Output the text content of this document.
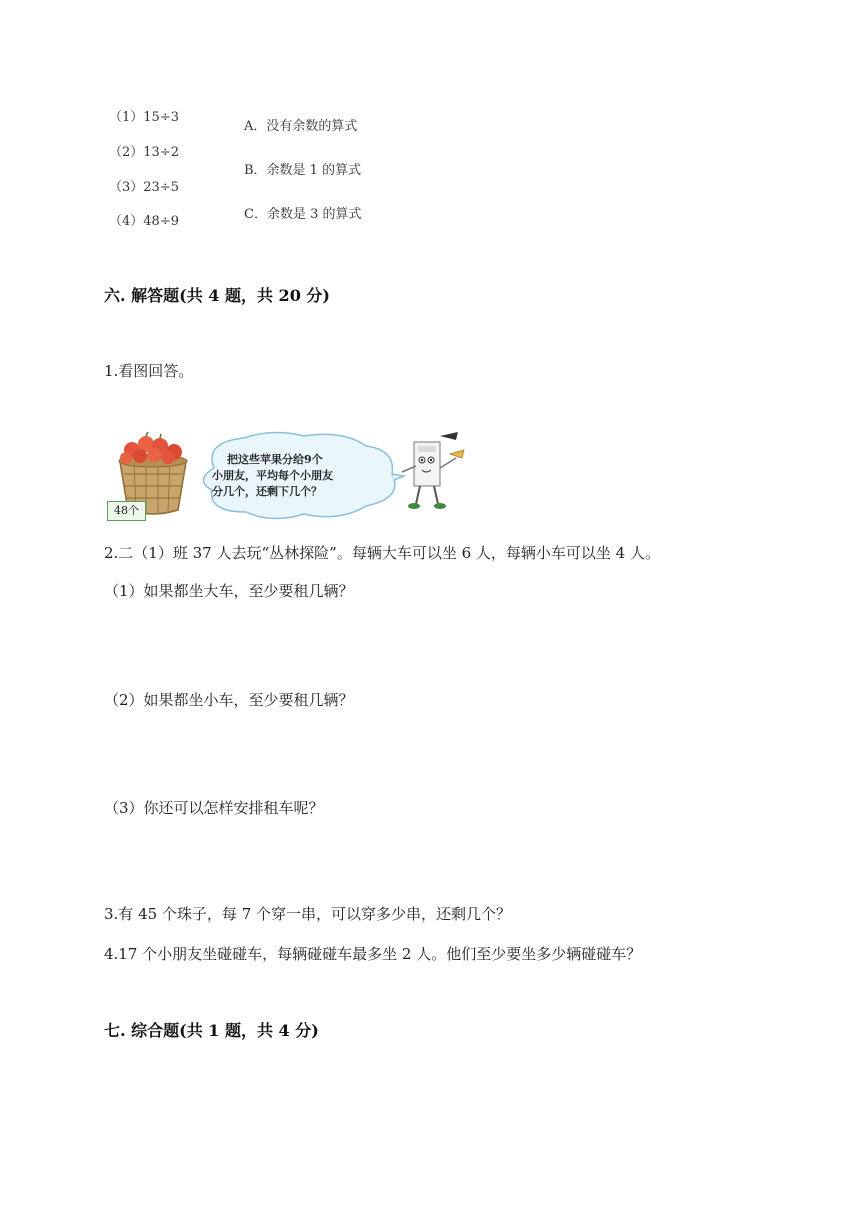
（1）15÷3
（2）13÷2
（3）23÷5
（4）48÷9
A．没有余数的算式
B．余数是 1 的算式
C．余数是 3 的算式
六. 解答题(共 4 题，共 20 分)
1.看图回答。
把这些苹果分给9个
小朋友，平均每个小朋友
分几个，还剩下几个？
48个
2.二（1）班 37 人去玩“丛林探险”。每辆大车可以坐 6 人，每辆小车可以坐 4 人。
（1）如果都坐大车，至少要租几辆？
（2）如果都坐小车，至少要租几辆？
（3）你还可以怎样安排租车呢？
3.有 45 个珠子，每 7 个穿一串，可以穿多少串，还剩几个？
4.17 个小朋友坐碰碰车，每辆碰碰车最多坐 2 人。他们至少要坐多少辆碰碰车？
七. 综合题(共 1 题，共 4 分)
